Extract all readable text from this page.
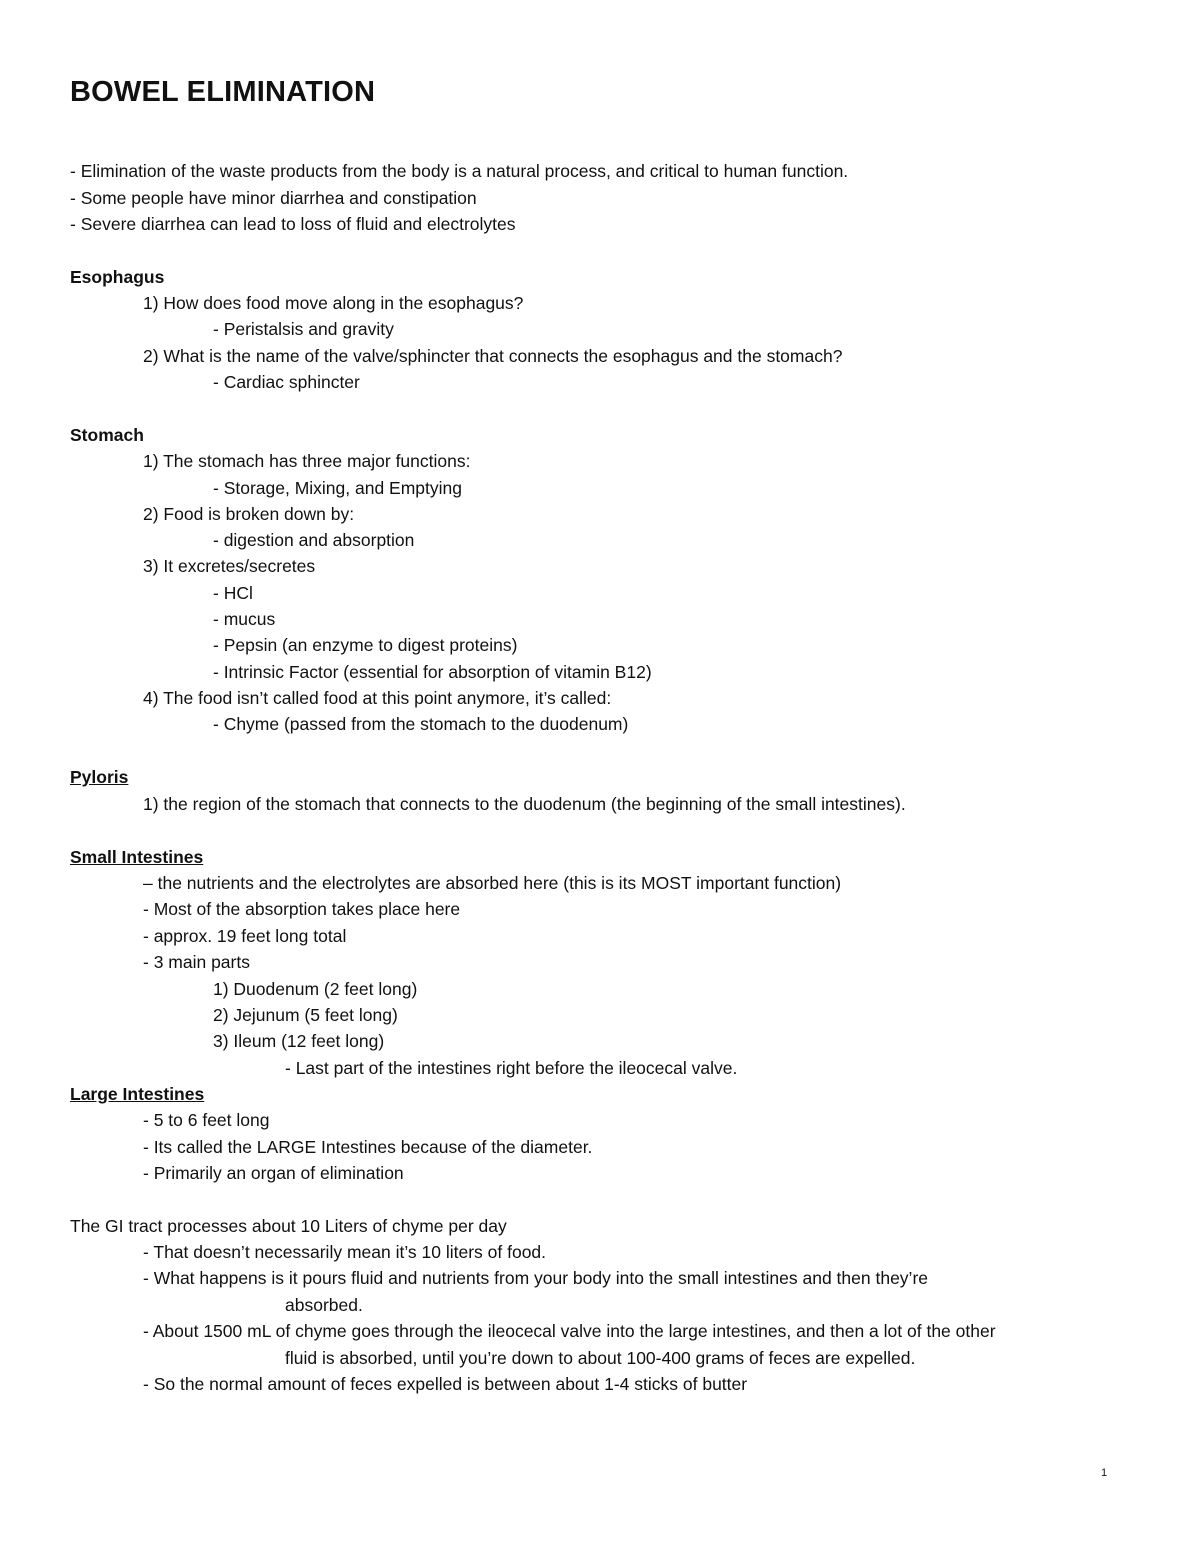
BOWEL ELIMINATION
- Elimination of the waste products from the body is a natural process, and critical to human function.
- Some people have minor diarrhea and constipation
- Severe diarrhea can lead to loss of fluid and electrolytes
Esophagus
1) How does food move along in the esophagus?
- Peristalsis and gravity
2) What is the name of the valve/sphincter that connects the esophagus and the stomach?
- Cardiac sphincter
Stomach
1) The stomach has three major functions:
- Storage, Mixing, and Emptying
2) Food is broken down by:
- digestion and absorption
3) It excretes/secretes
- HCl
- mucus
- Pepsin (an enzyme to digest proteins)
- Intrinsic Factor (essential for absorption of vitamin B12)
4) The food isn’t called food at this point anymore, it’s called:
- Chyme (passed from the stomach to the duodenum)
Pyloris
1) the region of the stomach that connects to the duodenum (the beginning of the small intestines).
Small Intestines
– the nutrients and the electrolytes are absorbed here (this is its MOST important function)
- Most of the absorption takes place here
- approx. 19 feet long total
- 3 main parts
1) Duodenum (2 feet long)
2) Jejunum (5 feet long)
3) Ileum (12 feet long)
- Last part of the intestines right before the ileocecal valve.
Large Intestines
- 5 to 6 feet long
- Its called the LARGE Intestines because of the diameter.
- Primarily an organ of elimination
The GI tract processes about 10 Liters of chyme per day
- That doesn’t necessarily mean it’s 10 liters of food.
- What happens is it pours fluid and nutrients from your body into the small intestines and then they’re
absorbed.
- About 1500 mL of chyme goes through the ileocecal valve into the large intestines, and then a lot of the other
fluid is absorbed, until you’re down to about 100-400 grams of feces are expelled.
- So the normal amount of feces expelled is between about 1-4 sticks of butter
1
